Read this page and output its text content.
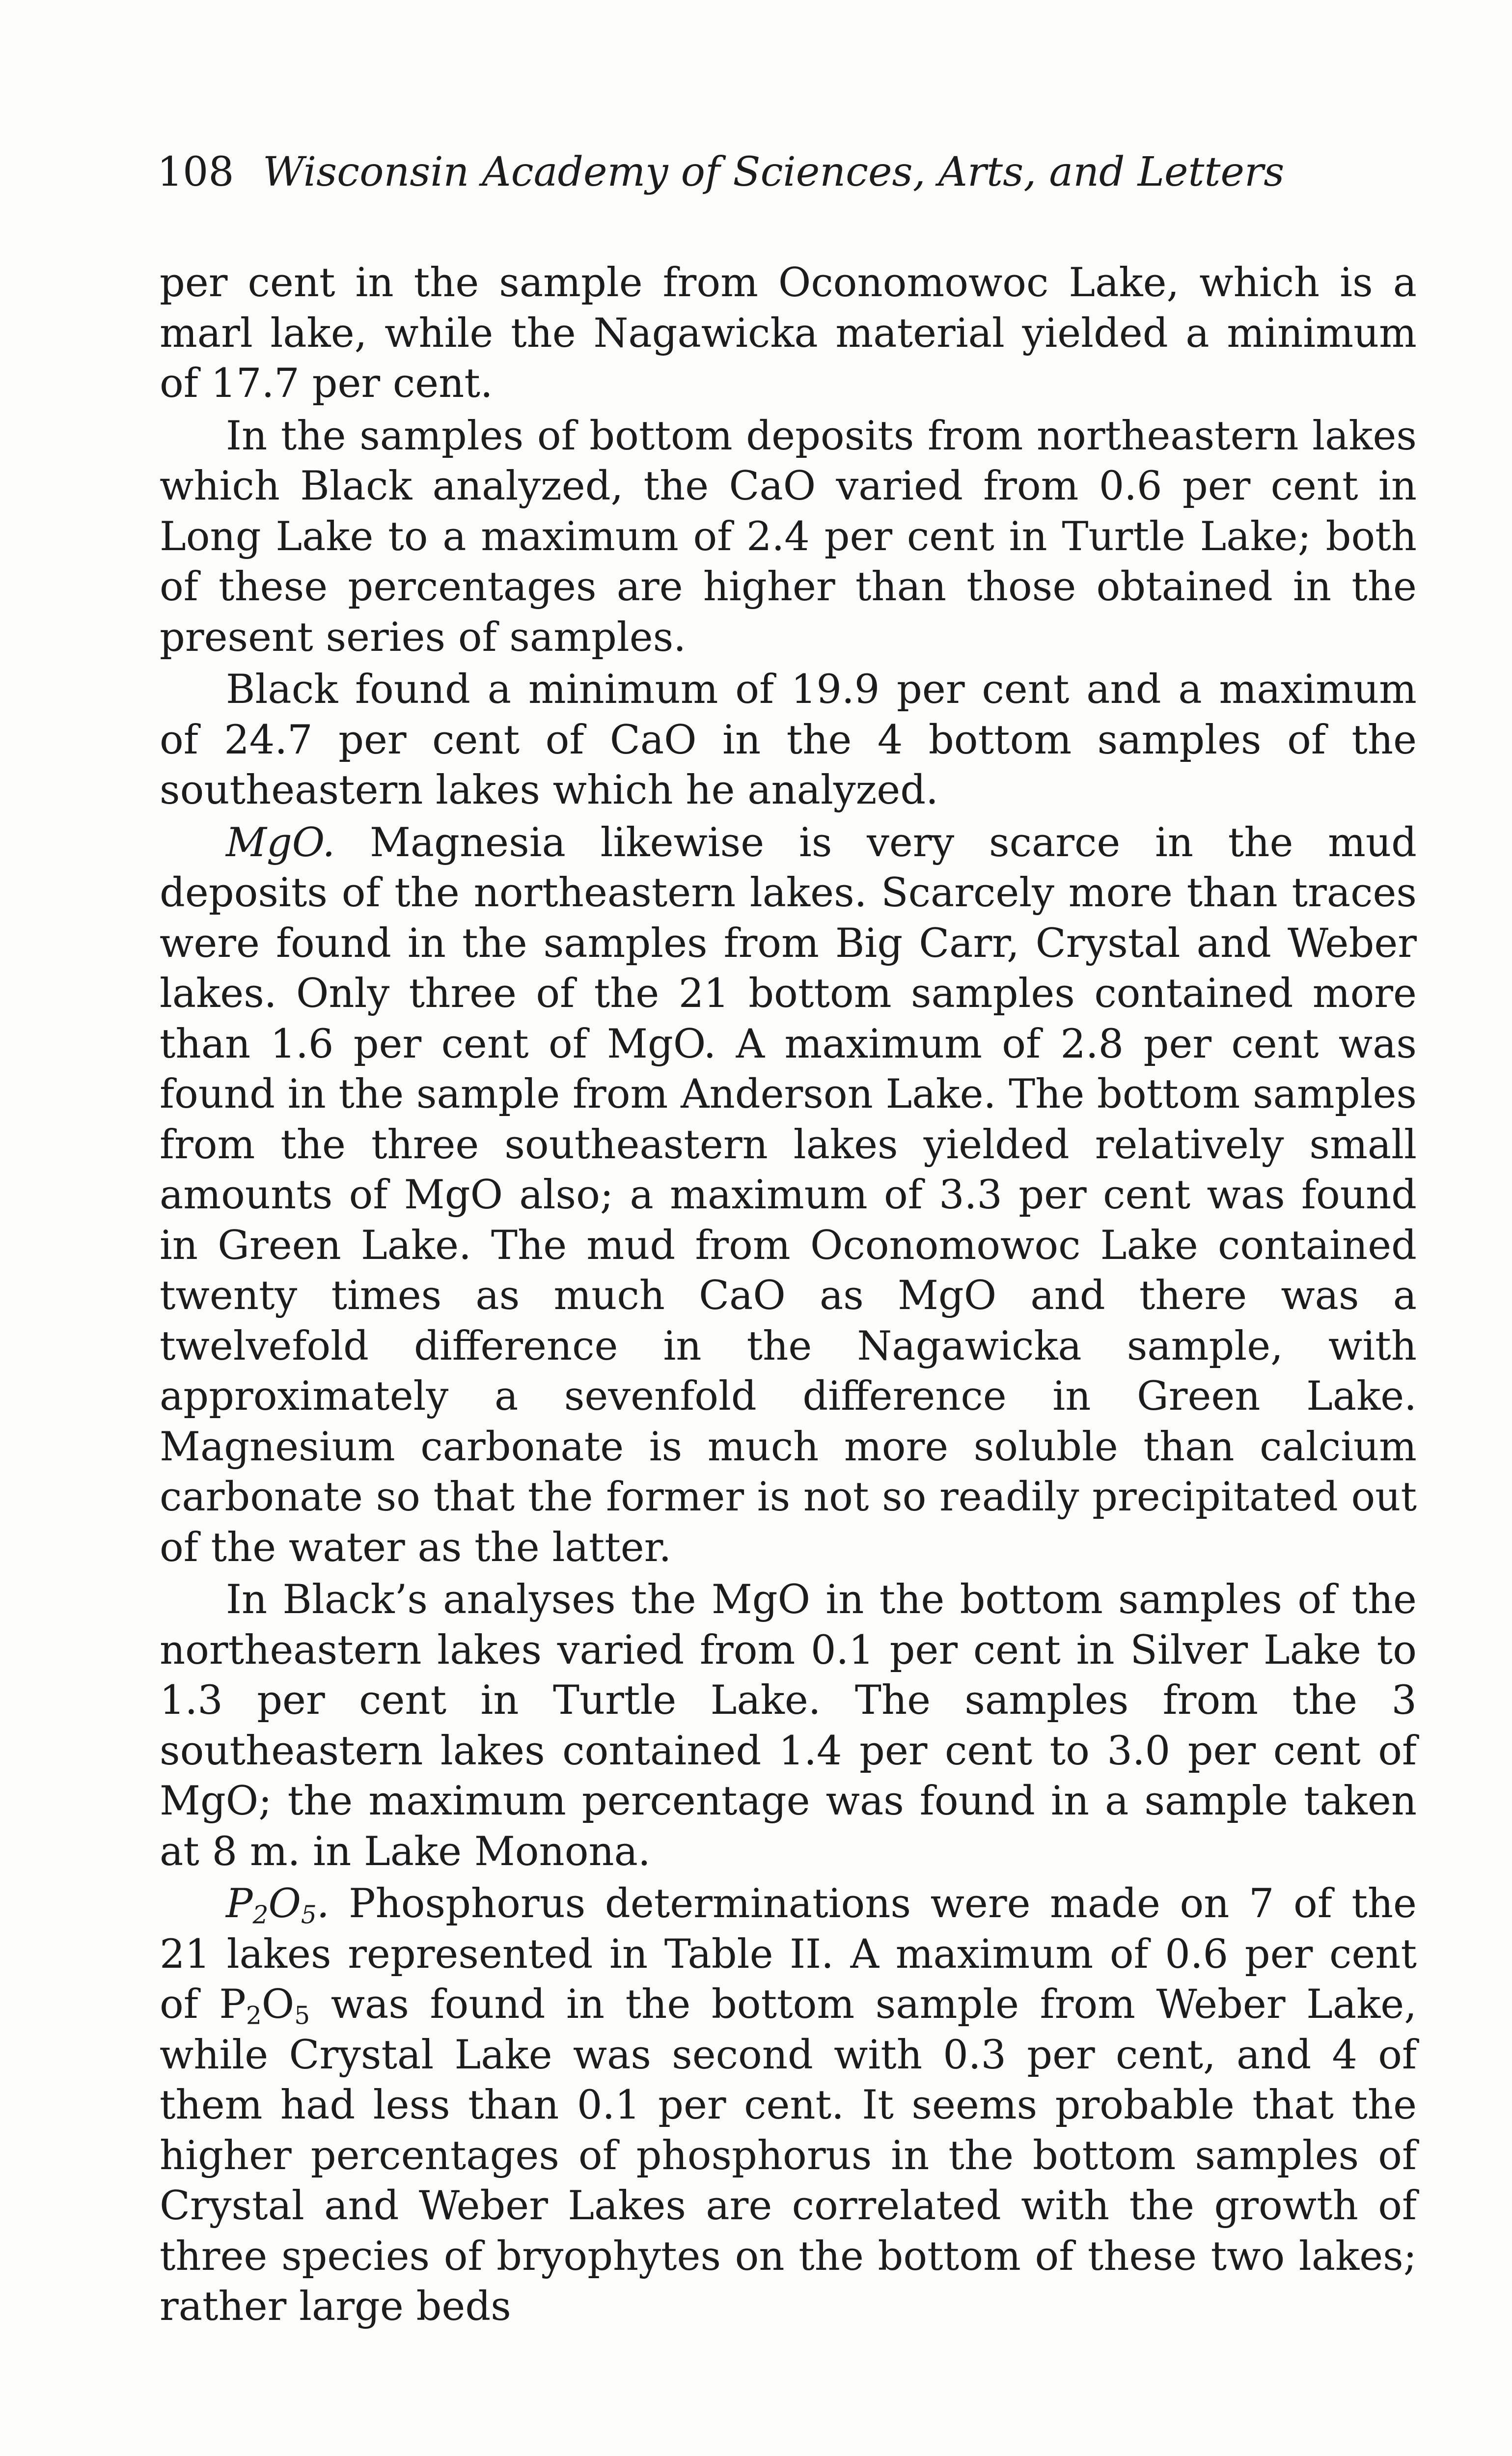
108 Wisconsin Academy of Sciences, Arts, and Letters

per cent in the sample from Oconomowoc Lake, which is a marl lake, while the Nagawicka material yielded a minimum of 17.7 per cent.

In the samples of bottom deposits from northeastern lakes which Black analyzed, the CaO varied from 0.6 per cent in Long Lake to a maximum of 2.4 per cent in Turtle Lake; both of these percentages are higher than those obtained in the present series of samples.

Black found a minimum of 19.9 per cent and a maximum of 24.7 per cent of CaO in the 4 bottom samples of the southeastern lakes which he analyzed.

MgO. Magnesia likewise is very scarce in the mud deposits of the northeastern lakes. Scarcely more than traces were found in the samples from Big Carr, Crystal and Weber lakes. Only three of the 21 bottom samples contained more than 1.6 per cent of MgO. A maximum of 2.8 per cent was found in the sample from Anderson Lake. The bottom samples from the three southeastern lakes yielded relatively small amounts of MgO also; a maximum of 3.3 per cent was found in Green Lake. The mud from Oconomowoc Lake contained twenty times as much CaO as MgO and there was a twelvefold difference in the Nagawicka sample, with approximately a sevenfold difference in Green Lake. Magnesium carbonate is much more soluble than calcium carbonate so that the former is not so readily precipitated out of the water as the latter.

In Black’s analyses the MgO in the bottom samples of the northeastern lakes varied from 0.1 per cent in Silver Lake to 1.3 per cent in Turtle Lake. The samples from the 3 southeastern lakes contained 1.4 per cent to 3.0 per cent of MgO; the maximum percentage was found in a sample taken at 8 m. in Lake Monona.

$P_2O_5$. Phosphorus determinations were made on 7 of the 21 lakes represented in Table II. A maximum of 0.6 per cent of $P_2O_5$ was found in the bottom sample from Weber Lake, while Crystal Lake was second with 0.3 per cent, and 4 of them had less than 0.1 per cent. It seems probable that the higher percentages of phosphorus in the bottom samples of Crystal and Weber Lakes are correlated with the growth of three species of bryophytes on the bottom of these two lakes; rather large beds
